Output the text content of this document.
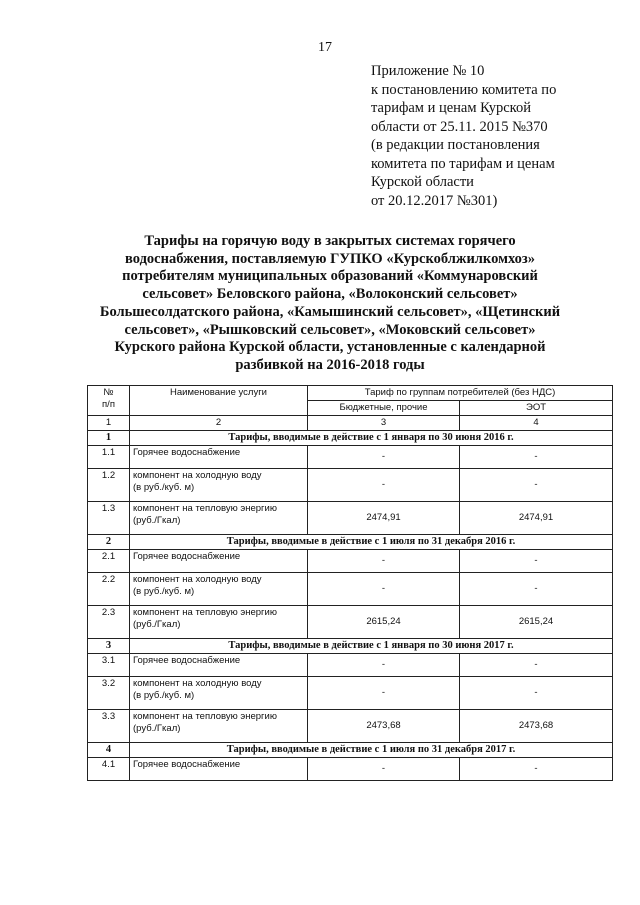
17
Приложение № 10
к постановлению комитета по
тарифам и ценам Курской
области от 25.11. 2015 №370
(в редакции постановления
комитета по тарифам и ценам
Курской области
от 20.12.2017 №301)
Тарифы на горячую воду в закрытых системах горячего
водоснабжения, поставляемую ГУПКО «Курскоблжилкомхоз»
потребителям муниципальных образований «Коммунаровский
сельсовет» Беловского района, «Волоконский сельсовет»
Большесолдатского района, «Камышинский сельсовет», «Щетинский
сельсовет», «Рышковский сельсовет», «Моковский сельсовет»
Курского района Курской области, установленные с календарной
разбивкой на 2016-2018 годы
№
п/п	Наименование услуги	Тариф по группам потребителей (без НДС)	
		Бюджетные, прочие	ЭОТ
1	2	3	4
1	Тарифы, вводимые в действие с 1 января по 30 июня 2016 г.		
1.1	Горячее водоснабжение	-	-
1.2	компонент на холодную воду
(в руб./куб. м)	-	-
1.3	компонент на тепловую энергию
(руб./Гкал)	2474,91	2474,91
2	Тарифы, вводимые в действие с 1 июля по 31 декабря 2016 г.		
2.1	Горячее водоснабжение	-	-
2.2	компонент на холодную воду
(в руб./куб. м)	-	-
2.3	компонент на тепловую энергию
(руб./Гкал)	2615,24	2615,24
3	Тарифы, вводимые в действие с 1 января по 30 июня 2017 г.		
3.1	Горячее водоснабжение	-	-
3.2	компонент на холодную воду
(в руб./куб. м)	-	-
3.3	компонент на тепловую энергию
(руб./Гкал)	2473,68	2473,68
4	Тарифы, вводимые в действие с 1 июля по 31 декабря 2017 г.		
4.1	Горячее водоснабжение	-	-
